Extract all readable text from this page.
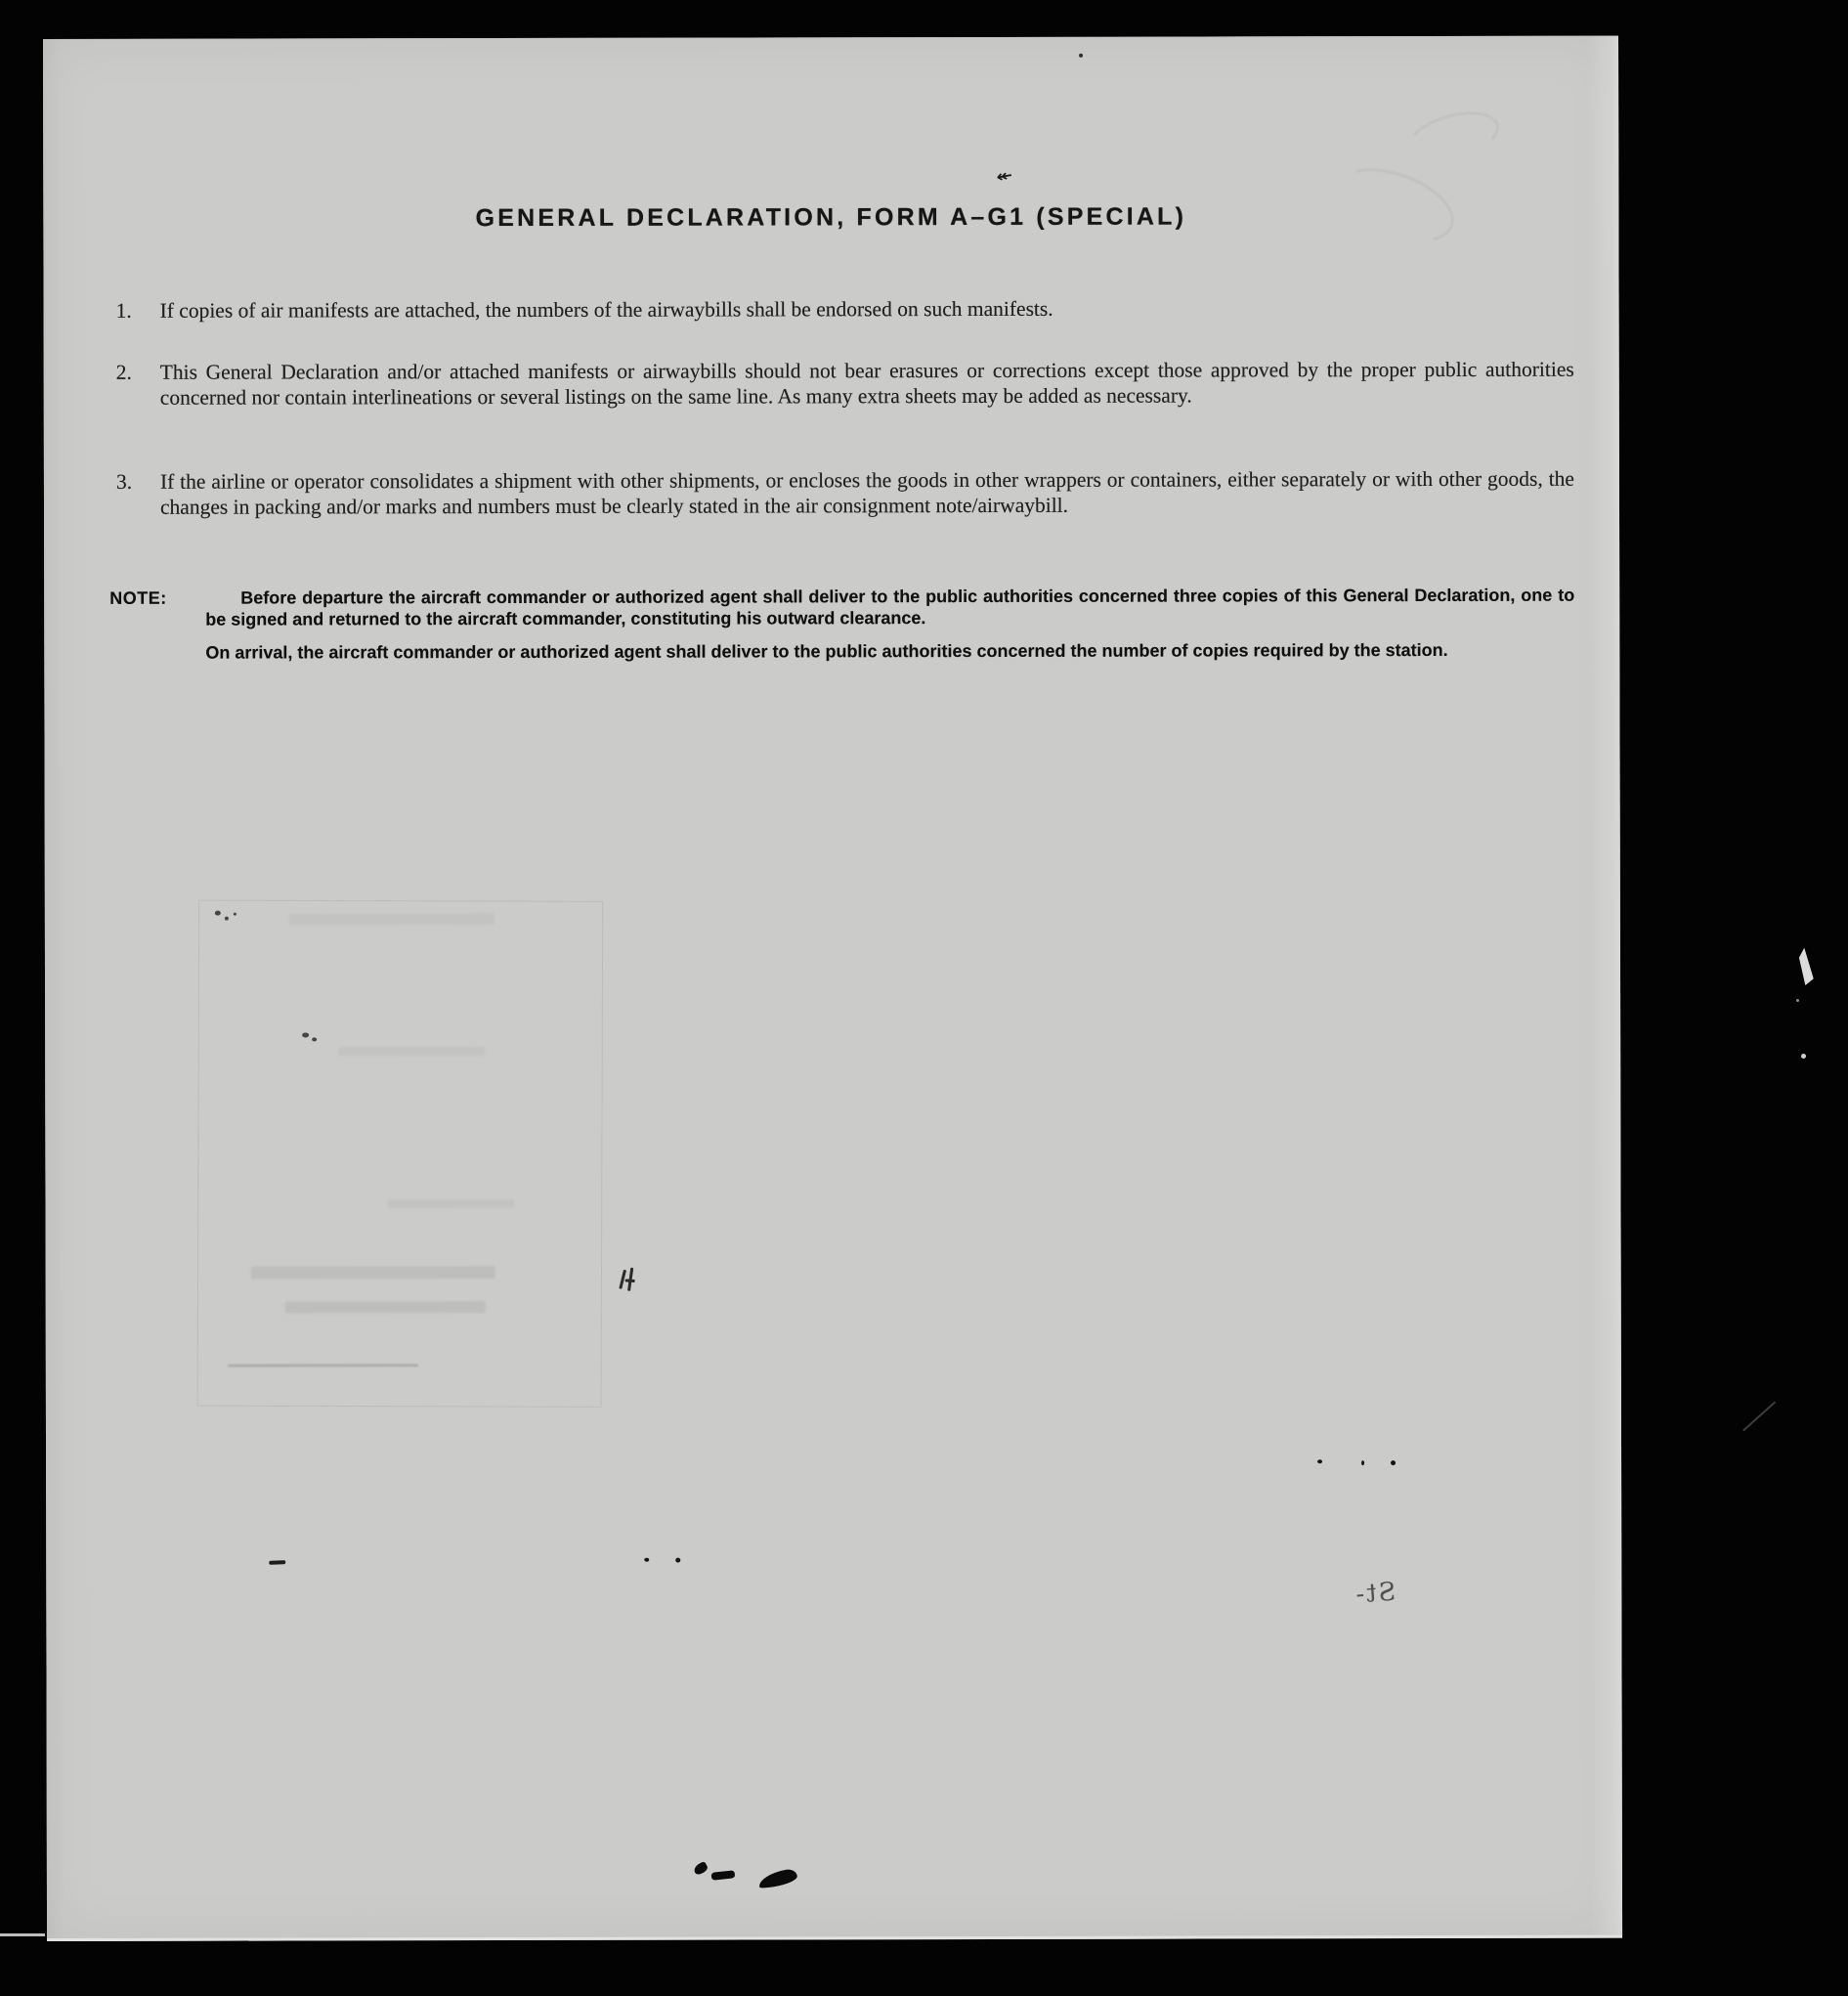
GENERAL DECLARATION, FORM A–G1 (SPECIAL)
1.	If copies of air manifests are attached, the numbers of the airwaybills shall be endorsed on such manifests.
2.	This General Declaration and/or attached manifests or airwaybills should not bear erasures or corrections except those approved by the proper public authorities concerned nor contain interlineations or several listings on the same line. As many extra sheets may be added as necessary.
3.	If the airline or operator consolidates a shipment with other shipments, or encloses the goods in other wrappers or containers, either separately or with other goods, the changes in packing and/or marks and numbers must be clearly stated in the air consignment note/airwaybill.
NOTE:	Before departure the aircraft commander or authorized agent shall deliver to the public authorities concerned three copies of this General Declaration, one to be signed and returned to the aircraft commander, constituting his outward clearance.

On arrival, the aircraft commander or authorized agent shall deliver to the public authorities concerned the number of copies required by the station.

↞
St-
